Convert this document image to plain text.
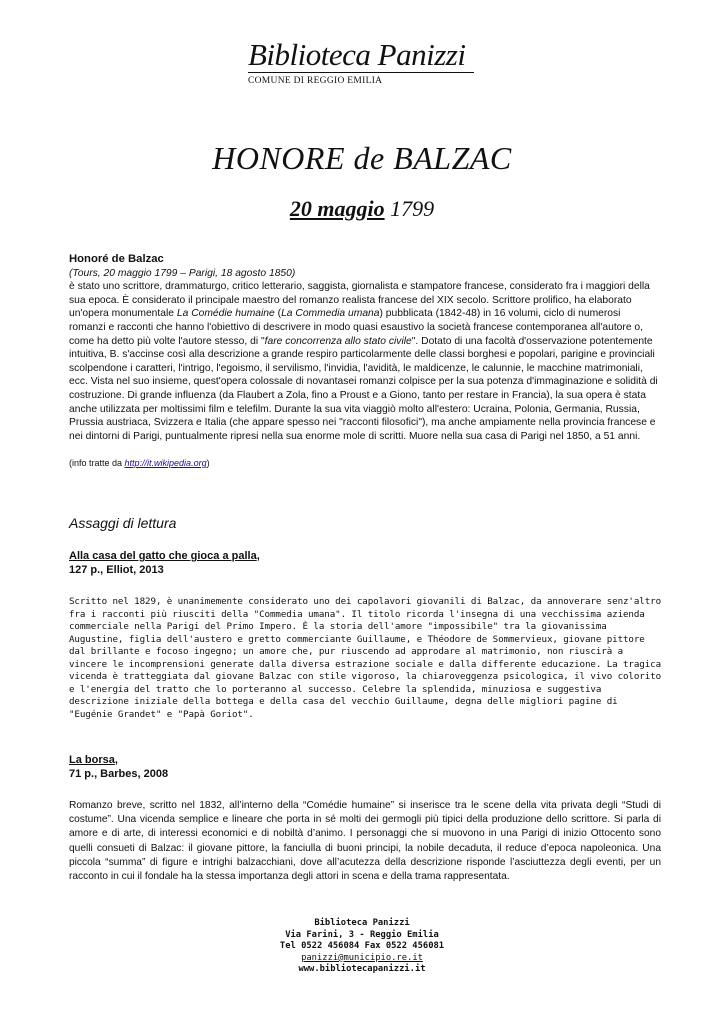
Biblioteca Panizzi
COMUNE DI REGGIO EMILIA
HONORE de BALZAC
20 maggio 1799
Honoré de Balzac
(Tours, 20 maggio 1799 – Parigi, 18 agosto 1850)

è stato uno scrittore, drammaturgo, critico letterario, saggista, giornalista e stampatore francese, considerato fra i maggiori della sua epoca. È considerato il principale maestro del romanzo realista francese del XIX secolo. Scrittore prolifico, ha elaborato un'opera monumentale La Comédie humaine (La Commedia umana) pubblicata (1842-48) in 16 volumi, ciclo di numerosi romanzi e racconti che hanno l'obiettivo di descrivere in modo quasi esaustivo la società francese contemporanea all'autore o, come ha detto più volte l'autore stesso, di "fare concorrenza allo stato civile". Dotato di una facoltà d'osservazione potentemente intuitiva, B. s'accinse così alla descrizione a grande respiro particolarmente delle classi borghesi e popolari, parigine e provinciali scolpendone i caratteri, l'intrigo, l'egoismo, il servilismo, l'invidia, l'avidità, le maldicenze, le calunnie, le macchine matrimoniali, ecc. Vista nel suo insieme, quest'opera colossale di novantasei romanzi colpisce per la sua potenza d'immaginazione e solidità di costruzione. Di grande influenza (da Flaubert a Zola, fino a Proust e a Giono, tanto per restare in Francia), la sua opera è stata anche utilizzata per moltissimi film e telefilm. Durante la sua vita viaggiò molto all'estero: Ucraina, Polonia, Germania, Russia, Prussia austriaca, Svizzera e Italia (che appare spesso nei "racconti filosofici"), ma anche ampiamente nella provincia francese e nei dintorni di Parigi, puntualmente ripresi nella sua enorme mole di scritti. Muore nella sua casa di Parigi nel 1850, a 51 anni.

(info tratte da http://it.wikipedia.org)
Assaggi di lettura
Alla casa del gatto che gioca a palla,
127 p., Elliot, 2013
Scritto nel 1829, è unanimemente considerato uno dei capolavori giovanili di Balzac, da annoverare senz'altro fra i racconti più riusciti della "Commedia umana". Il titolo ricorda l'insegna di una vecchissima azienda commerciale nella Parigi del Primo Impero. È la storia dell'amore "impossibile" tra la giovanissima Augustine, figlia dell'austero e gretto commerciante Guillaume, e Théodore de Sommervieux, giovane pittore dal brillante e focoso ingegno; un amore che, pur riuscendo ad approdare al matrimonio, non riuscirà a vincere le incomprensioni generate dalla diversa estrazione sociale e dalla differente educazione. La tragica vicenda è tratteggiata dal giovane Balzac con stile vigoroso, la chiaroveggenza psicologica, il vivo colorito e l'energia del tratto che lo porteranno al successo. Celebre la splendida, minuziosa e suggestiva descrizione iniziale della bottega e della casa del vecchio Guillaume, degna delle migliori pagine di "Eugénie Grandet" e "Papà Goriot".
La borsa,
71 p., Barbes, 2008
Romanzo breve, scritto nel 1832, all’interno della “Comédie humaine” si inserisce tra le scene della vita privata degli “Studi di costume”. Una vicenda semplice e lineare che porta in sé molti dei germogli più tipici della produzione dello scrittore. Si parla di amore e di arte, di interessi economici e di nobiltà d’animo. I personaggi che si muovono in una Parigi di inizio Ottocento sono quelli consueti di Balzac: il giovane pittore, la fanciulla di buoni principi, la nobile decaduta, il reduce d’epoca napoleonica. Una piccola “summa” di figure e intrighi balzacchiani, dove all’acutezza della descrizione risponde l’asciuttezza degli eventi, per un racconto in cui il fondale ha la stessa importanza degli attori in scena e della trama rappresentata.
Biblioteca Panizzi
Via Farini, 3 - Reggio Emilia
Tel 0522 456084 Fax 0522 456081
panizzi@municipio.re.it
www.bibliotecapanizzi.it
